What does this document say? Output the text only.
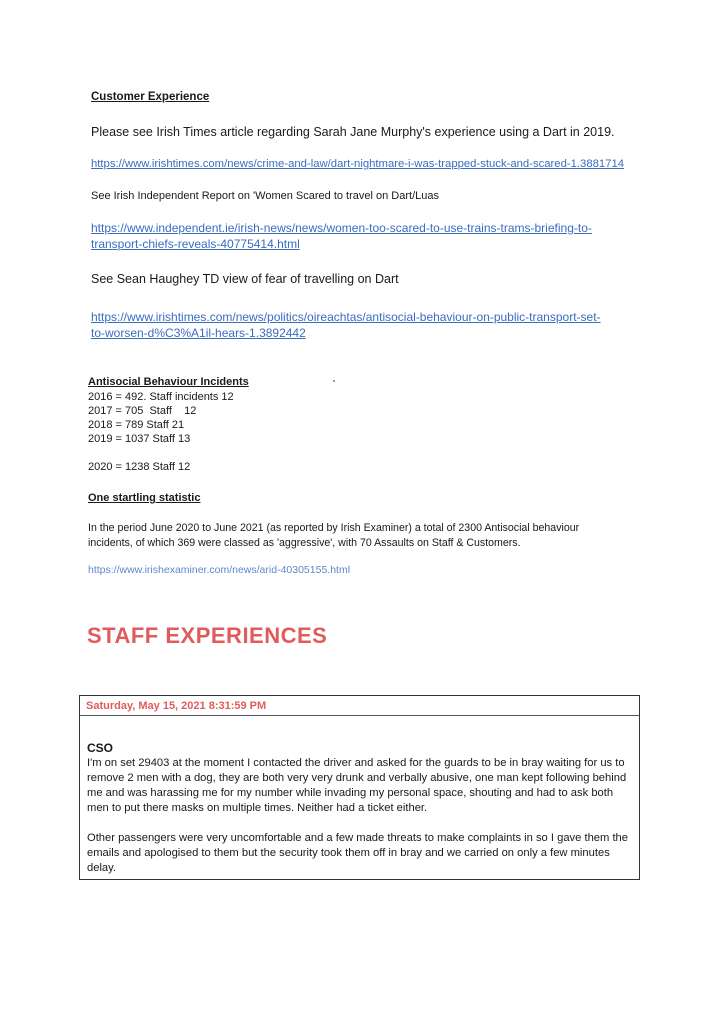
Customer Experience
Please see Irish Times article regarding Sarah Jane Murphy's experience using a Dart in 2019.
https://www.irishtimes.com/news/crime-and-law/dart-nightmare-i-was-trapped-stuck-and-scared-1.3881714
See Irish Independent Report on 'Women Scared to travel on Dart/Luas
https://www.independent.ie/irish-news/news/women-too-scared-to-use-trains-trams-briefing-to-
transport-chiefs-reveals-40775414.html
See Sean Haughey TD view of fear of travelling on Dart
https://www.irishtimes.com/news/politics/oireachtas/antisocial-behaviour-on-public-transport-set-
to-worsen-d%C3%A1il-hears-1.3892442
Antisocial Behaviour Incidents
2016 = 492. Staff incidents 12
2017 = 705  Staff    12
2018 = 789 Staff 21
2019 = 1037 Staff 13
2020 = 1238 Staff 12
One startling statistic
In the period June 2020 to June 2021 (as reported by Irish Examiner) a total of 2300 Antisocial behaviour
incidents, of which 369 were classed as 'aggressive', with 70 Assaults on Staff & Customers.
https://www.irishexaminer.com/news/arid-40305155.html
STAFF EXPERIENCES
Saturday, May 15, 2021 8:31:59 PM
CSO
I'm on set 29403 at the moment I contacted the driver and asked for the guards to be in bray waiting for us to remove 2 men with a dog, they are both very very drunk and verbally abusive, one man kept following behind me and was harassing me for my number while invading my personal space, shouting and had to ask both men to put there masks on multiple times. Neither had a ticket either.
Other passengers were very uncomfortable and a few made threats to make complaints in so I gave them the emails and apologised to them but the security took them off in bray and we carried on only a few minutes delay.
